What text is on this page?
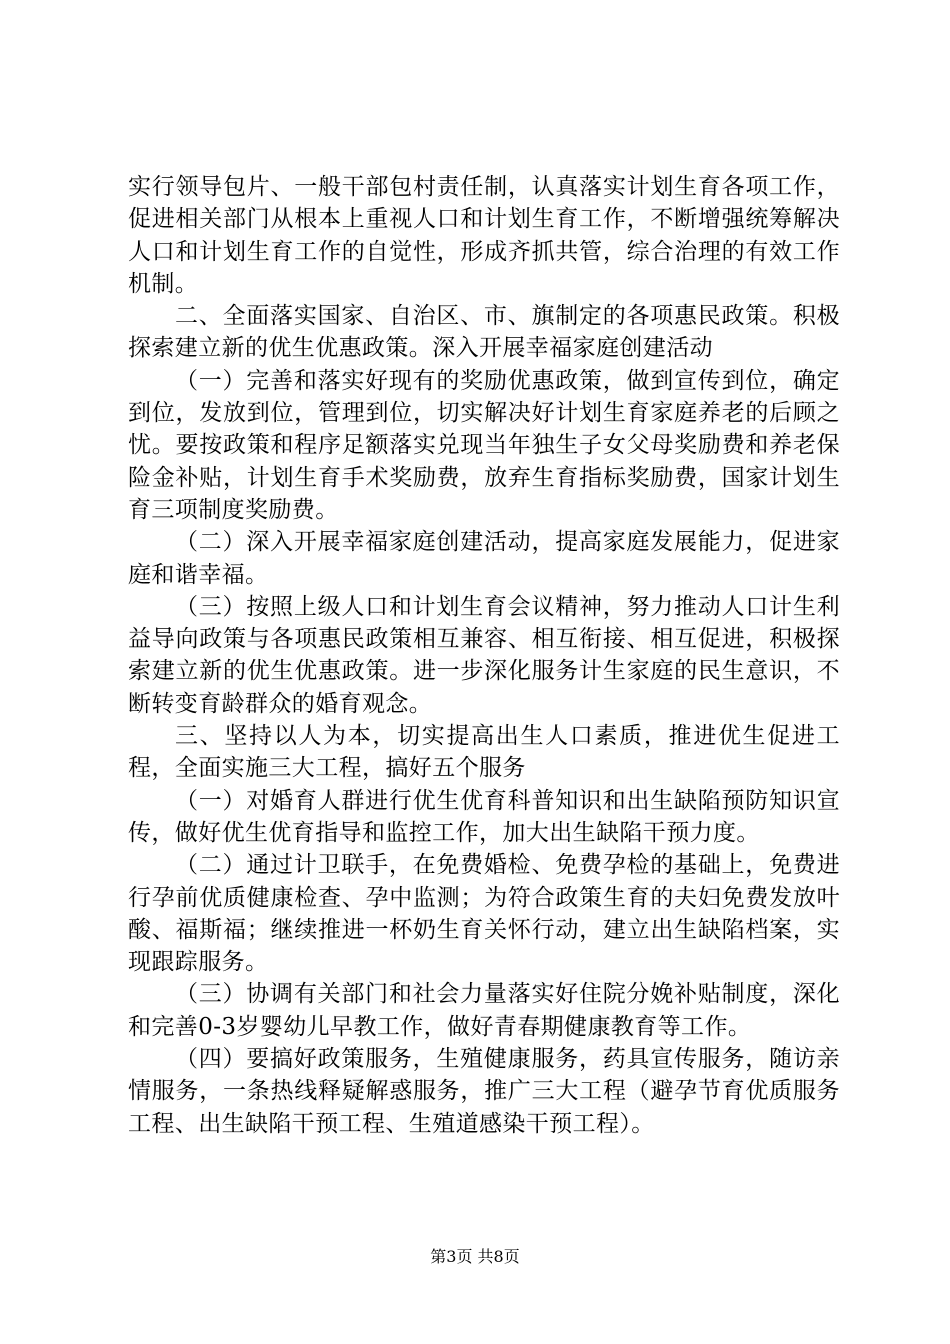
实行领导包片、一般干部包村责任制，认真落实计划生育各项工作，促进相关部门从根本上重视人口和计划生育工作，不断增强统筹解决人口和计划生育工作的自觉性，形成齐抓共管，综合治理的有效工作机制。

二、全面落实国家、自治区、市、旗制定的各项惠民政策。积极探索建立新的优生优惠政策。深入开展幸福家庭创建活动

（一）完善和落实好现有的奖励优惠政策，做到宣传到位，确定到位，发放到位，管理到位，切实解决好计划生育家庭养老的后顾之忧。要按政策和程序足额落实兑现当年独生子女父母奖励费和养老保险金补贴，计划生育手术奖励费，放弃生育指标奖励费，国家计划生育三项制度奖励费。

（二）深入开展幸福家庭创建活动，提高家庭发展能力，促进家庭和谐幸福。

（三）按照上级人口和计划生育会议精神，努力推动人口计生利益导向政策与各项惠民政策相互兼容、相互衔接、相互促进，积极探索建立新的优生优惠政策。进一步深化服务计生家庭的民生意识，不断转变育龄群众的婚育观念。

三、坚持以人为本，切实提高出生人口素质，推进优生促进工程，全面实施三大工程，搞好五个服务

（一）对婚育人群进行优生优育科普知识和出生缺陷预防知识宣传，做好优生优育指导和监控工作，加大出生缺陷干预力度。

（二）通过计卫联手，在免费婚检、免费孕检的基础上，免费进行孕前优质健康检查、孕中监测；为符合政策生育的夫妇免费发放叶酸、福斯福；继续推进一杯奶生育关怀行动，建立出生缺陷档案，实现跟踪服务。

（三）协调有关部门和社会力量落实好住院分娩补贴制度，深化和完善0-3岁婴幼儿早教工作，做好青春期健康教育等工作。

（四）要搞好政策服务，生殖健康服务，药具宣传服务，随访亲情服务，一条热线释疑解惑服务，推广三大工程（避孕节育优质服务工程、出生缺陷干预工程、生殖道感染干预工程）。

第3页 共8页
